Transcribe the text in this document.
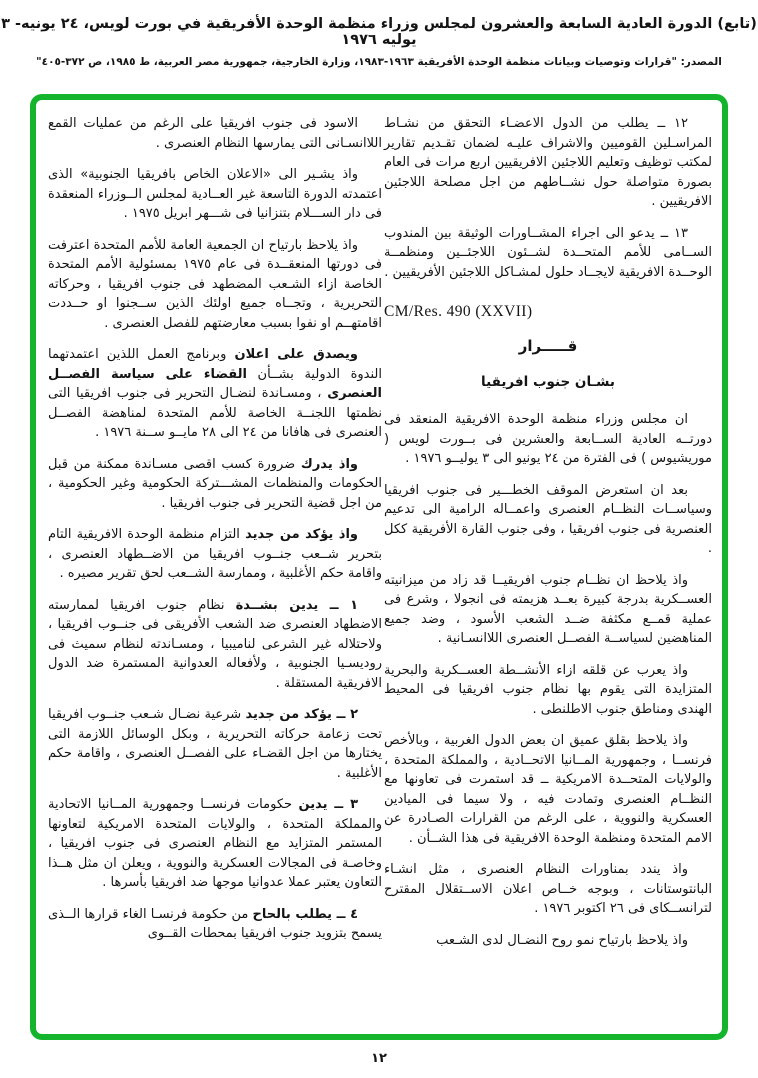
(تابع) الدورة العادية السابعة والعشرون لمجلس وزراء منظمة الوحدة الأفريقية في بورت لويس، ٢٤ يونيه- ٣ يوليه ١٩٧٦
المصدر: "قرارات وتوصيات وبيانات منظمة الوحدة الأفريقية ١٩٦٣-١٩٨٣، وزارة الخارجية، جمهورية مصر العربية، ط ١٩٨٥، ص ٣٧٢-٤٠٥"

١٢ ــ يطلب من الدول الاعضـاء التحقق من نشـاط المراسـلين القوميين والاشراف عليـه لضمان تقـديم تقارير لمكتب توظيف وتعليم اللاجئين الافريقيين اربع مرات فى العام بصورة متواصلة حول نشــاطهم من اجل مصلحة اللاجئين الافريقيين .

١٣ ــ يدعو الى اجراء المشــاورات الوثيقة بين المندوب الســامى للأمم المتحــدة لشــئون اللاجئــين ومنظمــة الوحــدة الافريقية لايجــاد حلول لمشـاكل اللاجئين الأفريقيين .

CM/Res. 490 (XXVII)

قـــــرار

بشـان جنوب افريقيا

ان مجلس وزراء منظمة الوحدة الافريقية المنعقد فى دورتــه العادية الســابعة والعشرين فى بــورت لويس ( موريشيوس ) فى الفترة من ٢٤ يونيو الى ٣ يوليــو ١٩٧٦ .

بعد ان استعرض الموقف الخطـــير فى جنوب افريقيا وسياســات النظــام العنصرى واعمــاله الرامية الى تدعيم العنصرية فى جنوب افريقيا ، وفى جنوب القارة الأفريقية ككل .

واذ يلاحظ ان نظــام جنوب افريقيــا قد زاد من ميزانيته العســكرية بدرجة كبيرة بعــد هزيمته فى انجولا ، وشرع فى عملية قمــع مكثفة ضــد الشعب الأسود ، وضد جميع المناهضين لسياســة الفصــل العنصرى اللاانسـانية .

واذ يعرب عن قلقه ازاء الأنشــطة العســكرية والبحرية المتزايدة التى يقوم بها نظام جنوب افريقيا فى المحيط الهندى ومناطق جنوب الاطلنطى .

واذ يلاحظ بقلق عميق ان بعض الدول الغربية ، وبالأخص فرنســا ، وجمهورية المــانيا الاتحــادية ، والمملكة المتحدة ، والولايات المتحــدة الامريكية ــ قد استمرت فى تعاونها مع النظــام العنصرى وتمادت فيه ، ولا سيما فى الميادين العسكرية والنووية ، على الرغم من القرارات الصـادرة عن الامم المتحدة ومنظمة الوحدة الافريقية فى هذا الشــأن .

واذ يندد بمناورات النظام العنصرى ، مثل انشـاء البانتوستانات ، وبوجه خــاص اعلان الاســتقلال المقترح لترانســكاى فى ٢٦ اكتوبر ١٩٧٦ .

واذ يلاحظ بارتياح نمو روح النضـال لدى الشـعب

الاسود فى جنوب افريقيا على الرغم من عمليات القمع اللاانسـانى التى يمارسها النظام العنصرى .

واذ يشـير الى «الاعلان الخاص بافريقيا الجنوبية» الذى اعتمدته الدورة التاسعة غير العــادية لمجلس الــوزراء المنعقدة فى دار الســـلام بتنزانيا فى شـــهر ابريل ١٩٧٥ .

واذ يلاحظ بارتياح ان الجمعية العامة للأمم المتحدة اعترفت فى دورتها المنعقــدة فى عام ١٩٧٥ بمسئولية الأمم المتحدة الخاصة ازاء الشـعب المضطهد فى جنوب افريقيا ، وحركاته التحريرية ، وتجــاه جميع اولئك الذين ســجنوا او حــددت اقامتهــم او نفوا بسبب معارضتهم للفصل العنصرى .

ويصدق على اعلان وبرنامج العمل اللذين اعتمدتهما الندوة الدولية بشــأن القضاء على سياسة الفصــل العنصرى ، ومسـاندة لنضـال التحرير فى جنوب افريقيا التى نظمتها اللجنــة الخاصة للأمم المتحدة لمناهضة الفصــل العنصرى فى هافانا من ٢٤ الى ٢٨ مايــو ســنة ١٩٧٦ .

واذ يدرك ضرورة كسب اقصى مسـاندة ممكنة من قبل الحكومات والمنظمات المشـــتركة الحكومية وغير الحكومية ، من اجل قضية التحرير فى جنوب افريقيا .

واذ يؤكد من جديد التزام منظمة الوحدة الافريقية التام بتحرير شــعب جنــوب افريقيا من الاضــطهاد العنصرى ، واقامة حكم الأغلبية ، وممارسة الشــعب لحق تقرير مصيره .

١ ــ يدين بشــدة نظام جنوب افريقيا لممارسته الاضطهاد العنصرى ضد الشعب الأفريقى فى جنــوب افريقيا ، ولاحتلاله غير الشرعى لناميبيا ، ومسـاندته لنظام سميث فى روديسـيا الجنوبية ، ولأفعاله العدوانية المستمرة ضد الدول الافريقية المستقلة .

٢ ــ يؤكد من جديد شرعية نضـال شـعب جنــوب افريقيا تحت زعامة حركاته التحريرية ، وبكل الوسائل اللازمة التى يختارها من اجل القضـاء على الفصــل العنصرى ، واقامة حكم الأغلبية .

٣ ــ يدين حكومات فرنســا وجمهورية المــانيا الاتحادية والمملكة المتحدة ، والولايات المتحدة الامريكية لتعاونها المستمر المتزايد مع النظام العنصرى فى جنوب افريقيا ، وخاصـة فى المجالات العسكرية والنووية ، ويعلن ان مثل هــذا التعاون يعتبر عملا عدوانيا موجها ضد افريقيا بأسرها .

٤ ــ يطلب بالحاح من حكومة فرنسـا الغاء قرارها الــذى يسمح بتزويد جنوب افريقيا بمحطات القــوى

١٢
